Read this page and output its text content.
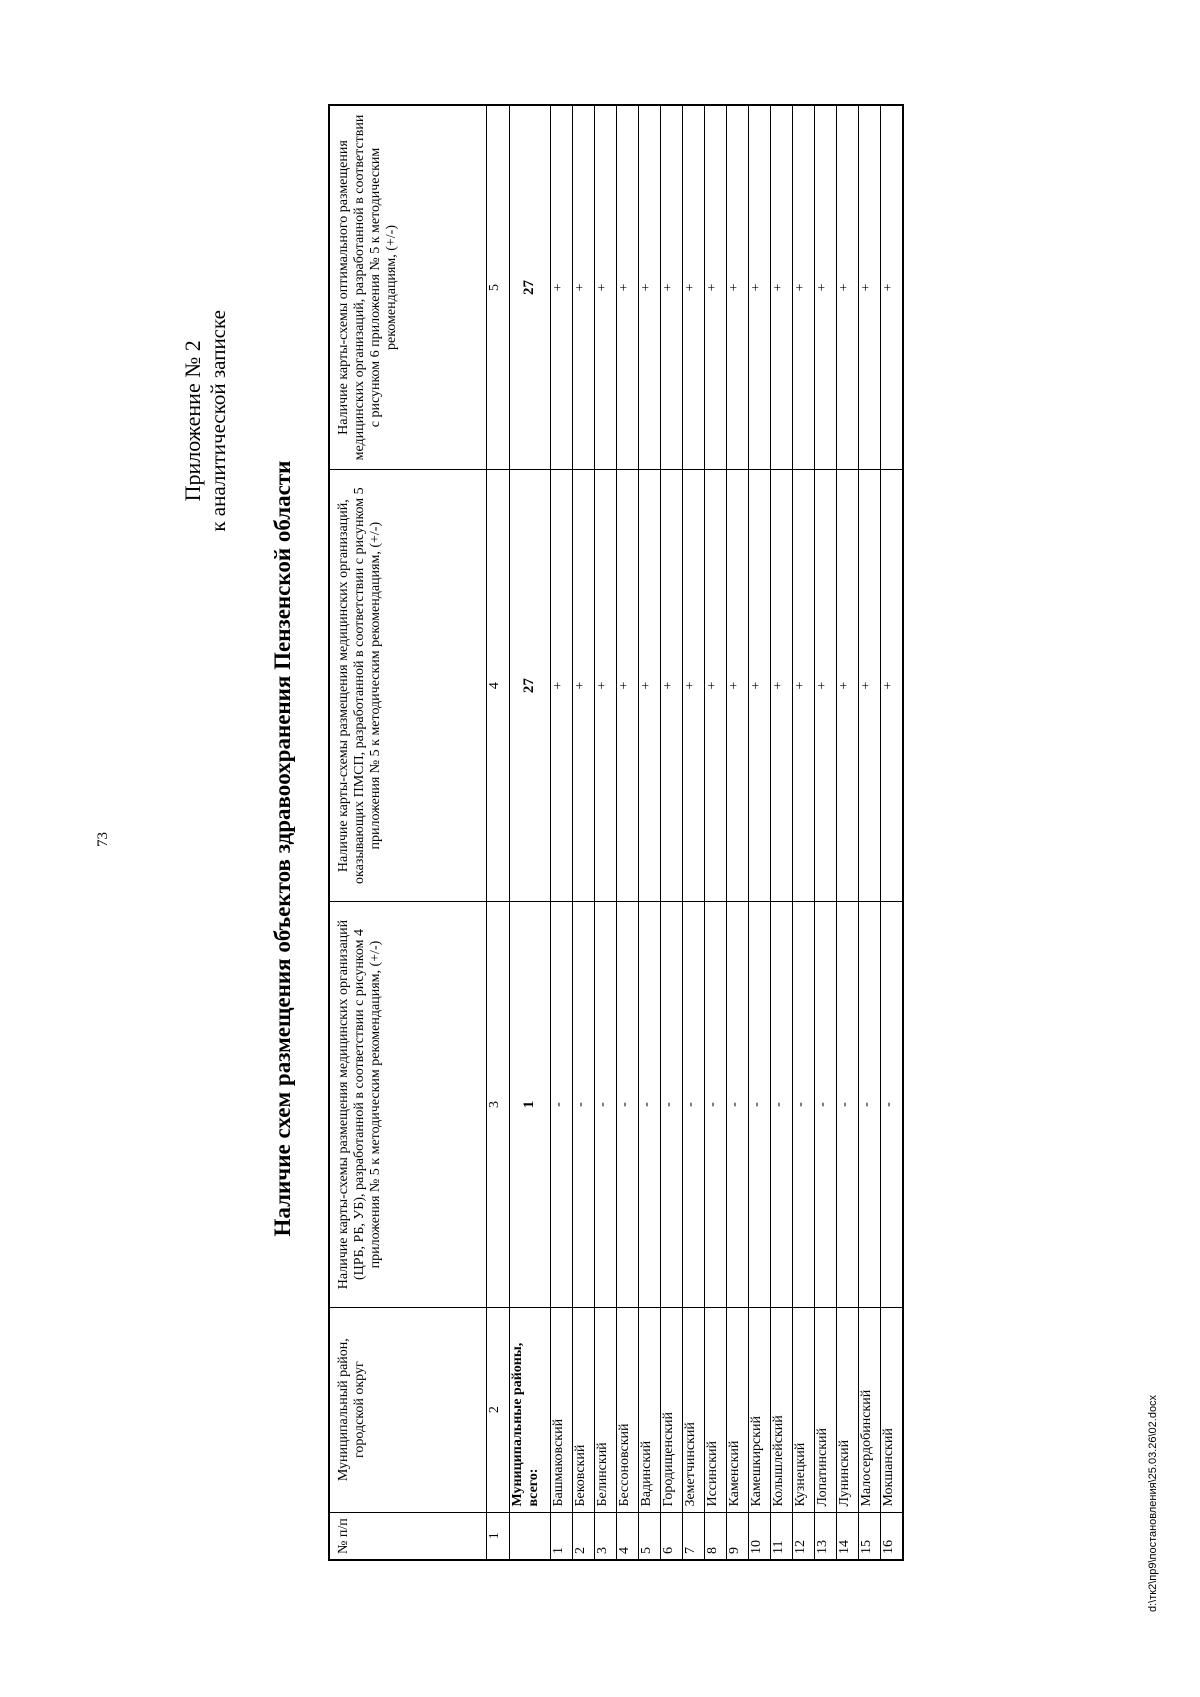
73
Приложение № 2 к аналитической записке
Наличие схем размещения объектов здравоохранения Пензенской области
№ п/п	Муниципальный район, городской округ	Наличие карты-схемы размещения медицинских организаций (ЦРБ, РБ, УБ), разработанной в соответствии с рисунком 4 приложения № 5 к методическим рекомендациям, (+/-)	Наличие карты-схемы размещения медицинских организаций, оказывающих ПМСП, разработанной в соответствии с рисунком 5 приложения № 5 к методическим рекомендациям, (+/-)	Наличие карты-схемы оптимального размещения медицинских организаций, разработанной в соответствии с рисунком 6 приложения № 5 к методическим рекомендациям, (+/-)
1	2	3	4	5
	Муниципальные районы, всего:	1	27	27
1	Башмаковский	-	+	+
2	Бековский	-	+	+
3	Белинский	-	+	+
4	Бессоновский	-	+	+
5	Вадинский	-	+	+
6	Городищенский	-	+	+
7	Земетчинский	-	+	+
8	Иссинский	-	+	+
9	Каменский	-	+	+
10	Камешкирский	-	+	+
11	Колышлейский	-	+	+
12	Кузнецкий	-	+	+
13	Лопатинский	-	+	+
14	Лунинский	-	+	+
15	Малосердобинский	-	+	+
16	Мокшанский	-	+	+
d:\тк2\пр9\постановления\25.03.26\02.docx
